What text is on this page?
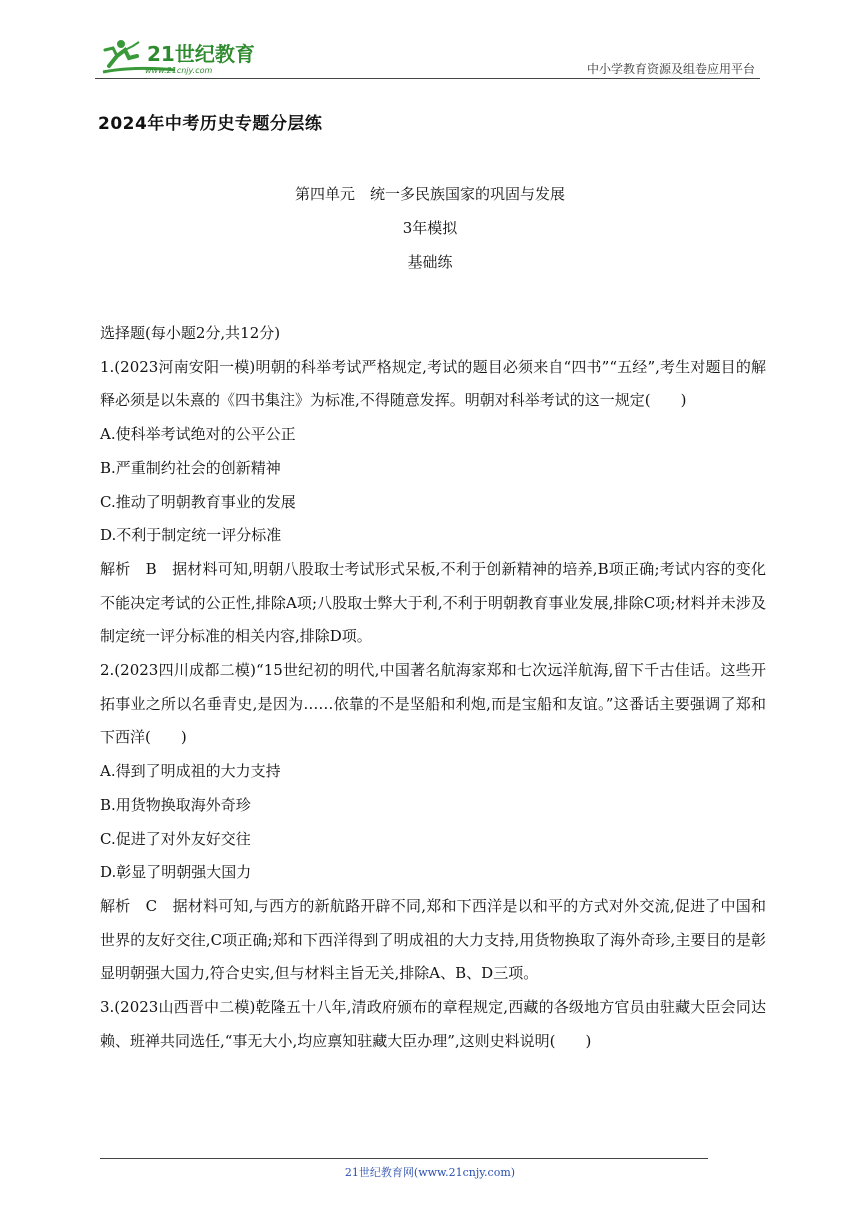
21世纪教育
www.21cnjy.com	中小学教育资源及组卷应用平台
2024年中考历史专题分层练
第四单元　统一多民族国家的巩固与发展
3年模拟
基础练

选择题(每小题2分,共12分)

1.(2023河南安阳一模)明朝的科举考试严格规定,考试的题目必须来自“四书”“五经”,考生对题目的解释必须是以朱熹的《四书集注》为标准,不得随意发挥。明朝对科举考试的这一规定(　　)

A.使科举考试绝对的公平公正

B.严重制约社会的创新精神

C.推动了明朝教育事业的发展

D.不利于制定统一评分标准

解析　B　据材料可知,明朝八股取士考试形式呆板,不利于创新精神的培养,B项正确;考试内容的变化不能决定考试的公正性,排除A项;八股取士弊大于利,不利于明朝教育事业发展,排除C项;材料并未涉及制定统一评分标准的相关内容,排除D项。

2.(2023四川成都二模)“15世纪初的明代,中国著名航海家郑和七次远洋航海,留下千古佳话。这些开拓事业之所以名垂青史,是因为……依靠的不是坚船和利炮,而是宝船和友谊。”这番话主要强调了郑和下西洋(　　)

A.得到了明成祖的大力支持

B.用货物换取海外奇珍

C.促进了对外友好交往

D.彰显了明朝强大国力

解析　C　据材料可知,与西方的新航路开辟不同,郑和下西洋是以和平的方式对外交流,促进了中国和世界的友好交往,C项正确;郑和下西洋得到了明成祖的大力支持,用货物换取了海外奇珍,主要目的是彰显明朝强大国力,符合史实,但与材料主旨无关,排除A、B、D三项。

3.(2023山西晋中二模)乾隆五十八年,清政府颁布的章程规定,西藏的各级地方官员由驻藏大臣会同达赖、班禅共同选任,“事无大小,均应禀知驻藏大臣办理”,这则史料说明(　　)

21世纪教育网(www.21cnjy.com)
